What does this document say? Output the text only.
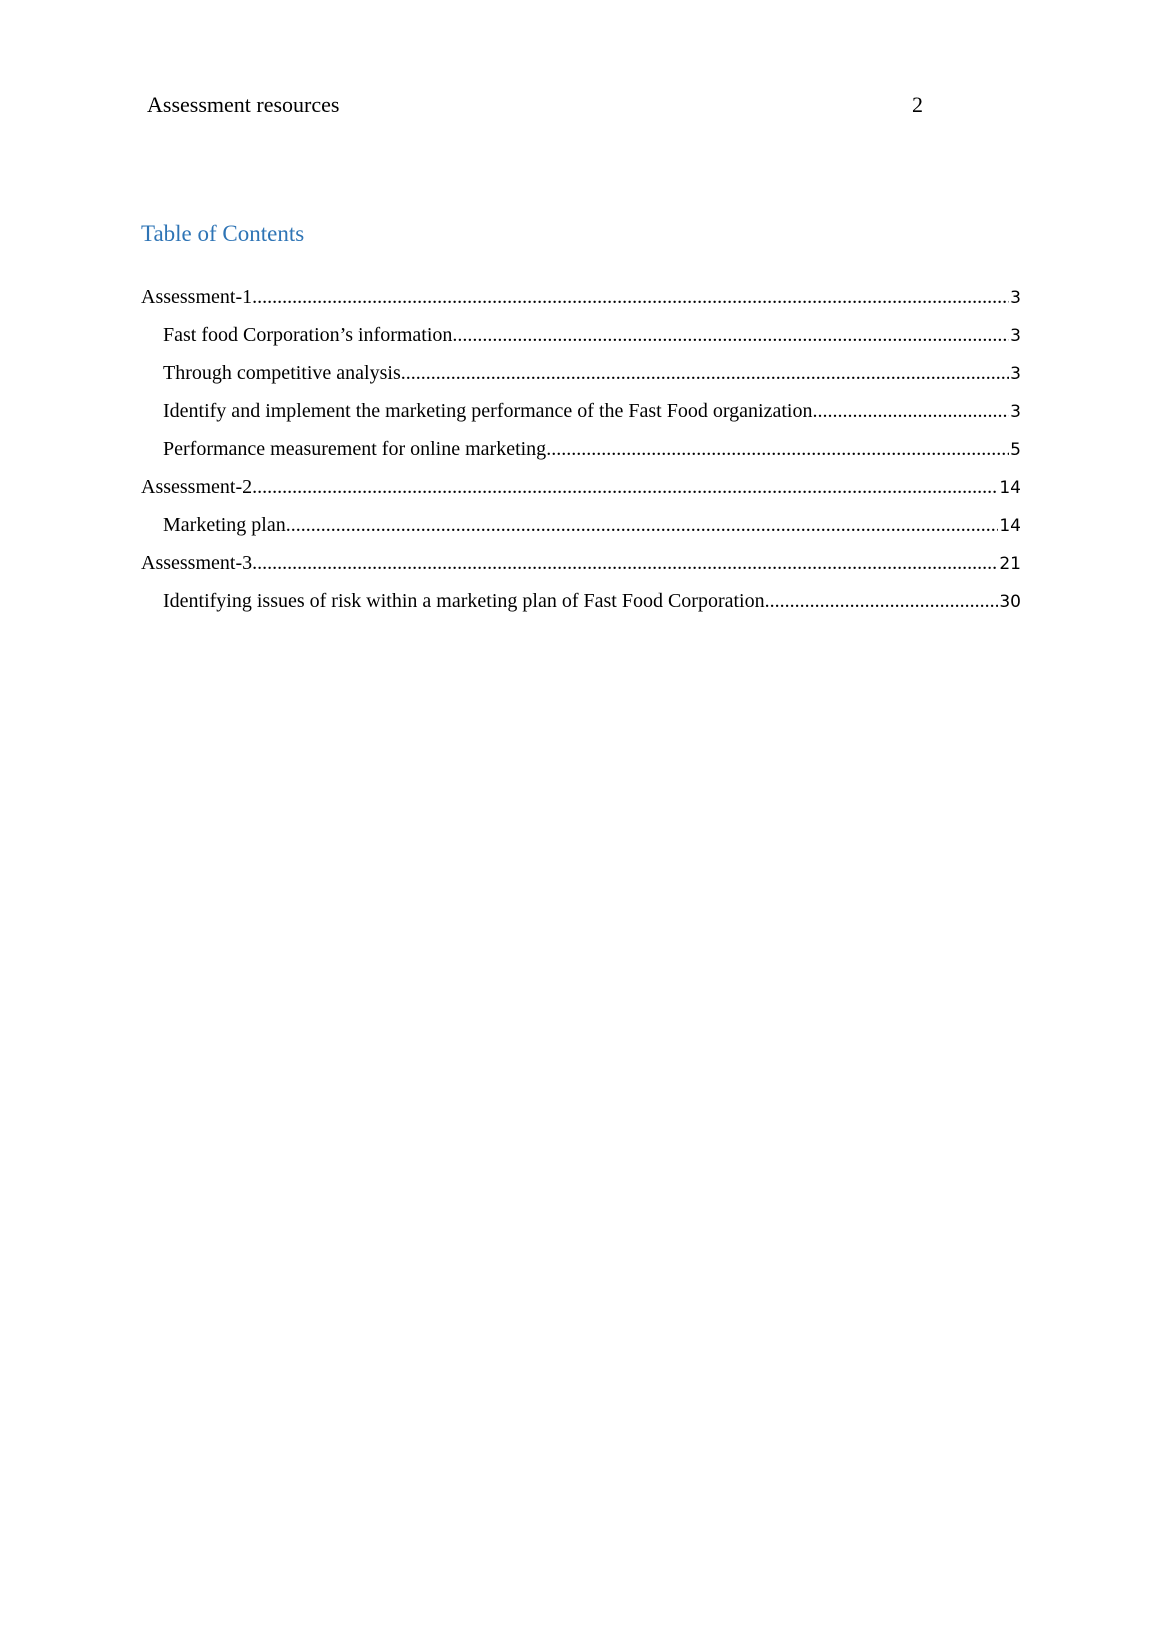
Assessment resources	2
Table of Contents
Assessment-1 .....	3
Fast food Corporation’s information .....	3
Through competitive analysis .....	3
Identify and implement the marketing performance of the Fast Food organization .....	3
Performance measurement for online marketing .....	5
Assessment-2 .....	14
Marketing plan .....	14
Assessment-3 .....	21
Identifying issues of risk within a marketing plan of Fast Food Corporation .....	30
